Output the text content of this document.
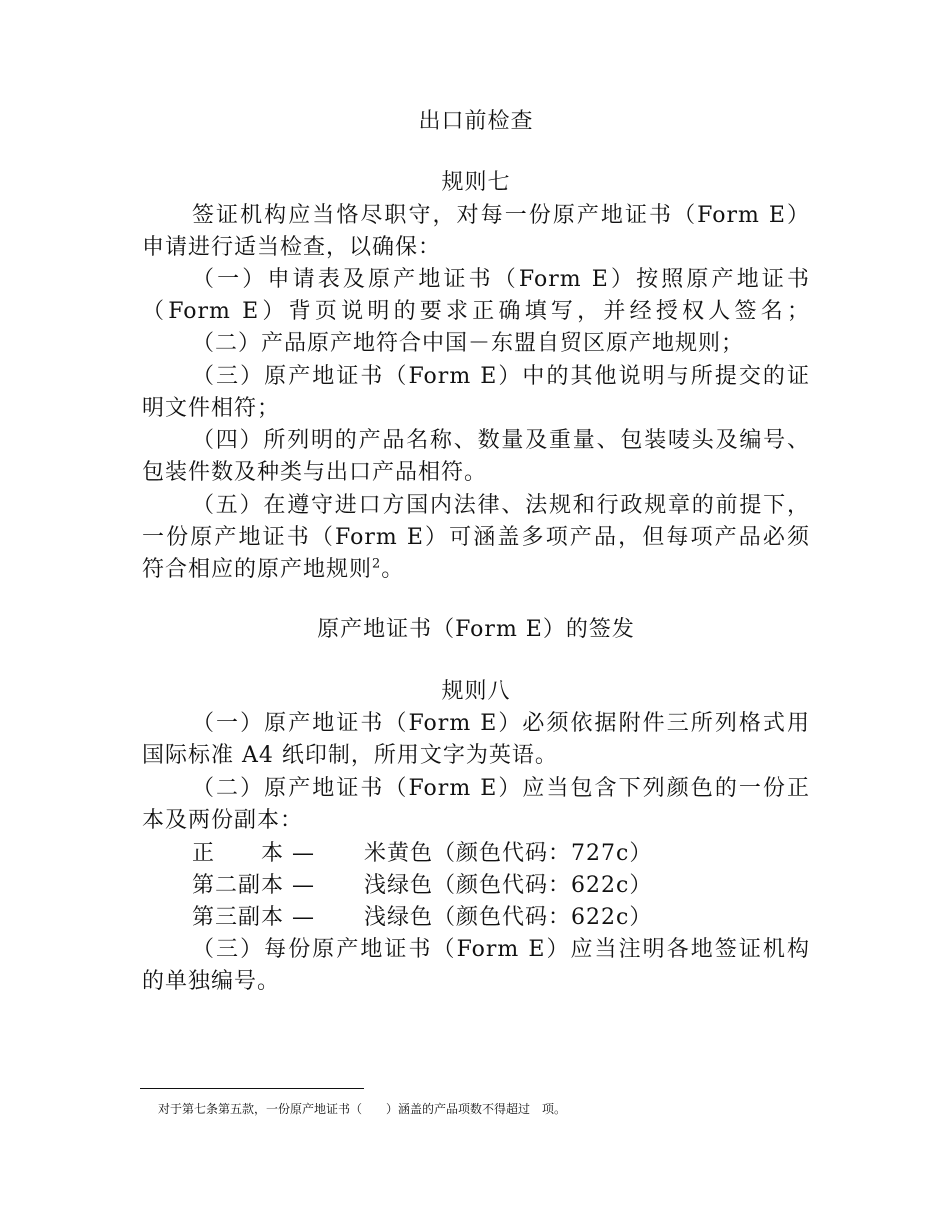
出口前检查
规则七
签证机构应当恪尽职守，对每一份原产地证书（Form E）
申请进行适当检查，以确保：
（一）申请表及原产地证书（Form E）按照原产地证书
（Form E）背页说明的要求正确填写，并经授权人签名；
（二）产品原产地符合中国－东盟自贸区原产地规则；
（三）原产地证书（Form E）中的其他说明与所提交的证
明文件相符；
（四）所列明的产品名称、数量及重量、包装唛头及编号、
包装件数及种类与出口产品相符。
（五）在遵守进口方国内法律、法规和行政规章的前提下，
一份原产地证书（Form E）可涵盖多项产品，但每项产品必须
符合相应的原产地规则$^2$。
原产地证书（Form E）的签发
规则八
（一）原产地证书（Form E）必须依据附件三所列格式用
国际标准 A4 纸印制，所用文字为英语。
（二）原产地证书（Form E）应当包含下列颜色的一份正
本及两份副本：
正　　本 — 米黄色（颜色代码：727c）
第二副本 — 浅绿色（颜色代码：622c）
第三副本 — 浅绿色（颜色代码：622c）
（三）每份原产地证书（Form E）应当注明各地签证机构
的单独编号。
对于第七条第五款，一份原产地证书（　　）涵盖的产品项数不得超过　项。
